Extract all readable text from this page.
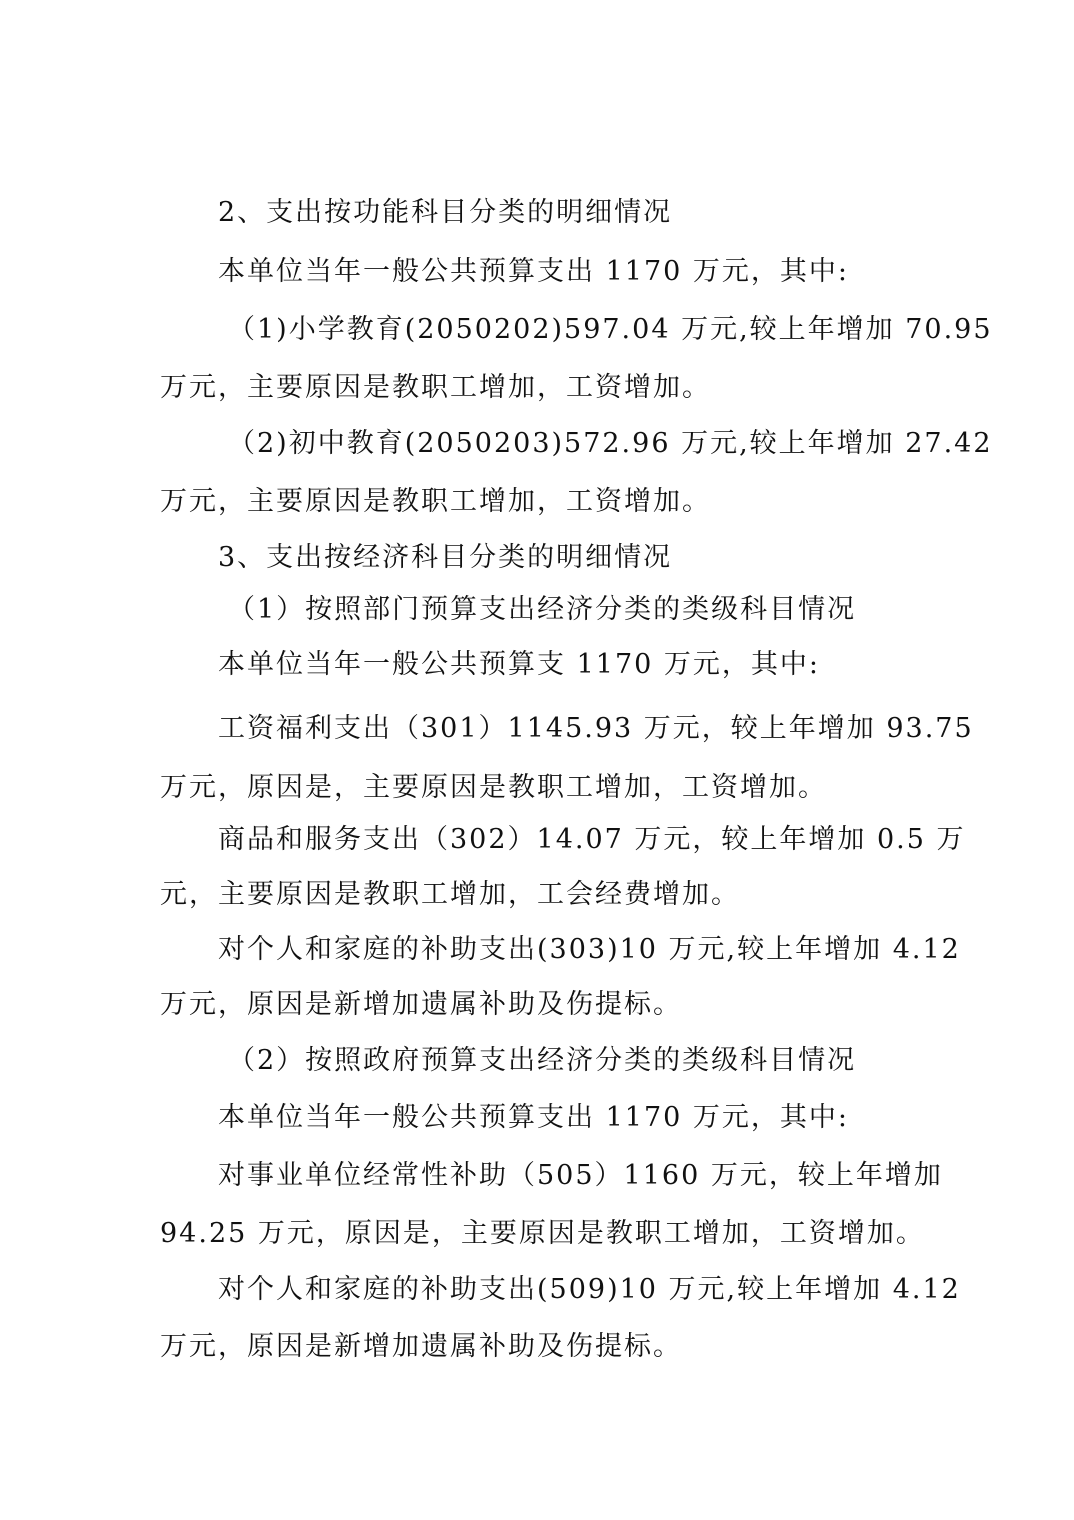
2、支出按功能科目分类的明细情况

本单位当年一般公共预算支出 1170 万元，其中:

（1)小学教育(2050202)597.04 万元,较上年增加 70.95

万元，主要原因是教职工增加，工资增加。

（2)初中教育(2050203)572.96 万元,较上年增加 27.42

万元，主要原因是教职工增加，工资增加。

3、支出按经济科目分类的明细情况

（1）按照部门预算支出经济分类的类级科目情况

本单位当年一般公共预算支 1170 万元，其中:

工资福利支出（301）1145.93 万元，较上年增加 93.75

万元，原因是，主要原因是教职工增加，工资增加。

商品和服务支出（302）14.07 万元，较上年增加 0.5 万

元，主要原因是教职工增加，工会经费增加。

对个人和家庭的补助支出(303)10 万元,较上年增加 4.12

万元，原因是新增加遗属补助及伤提标。

（2）按照政府预算支出经济分类的类级科目情况

本单位当年一般公共预算支出 1170 万元，其中:

对事业单位经常性补助（505）1160 万元，较上年增加

94.25 万元，原因是，主要原因是教职工增加，工资增加。

对个人和家庭的补助支出(509)10 万元,较上年增加 4.12

万元，原因是新增加遗属补助及伤提标。
